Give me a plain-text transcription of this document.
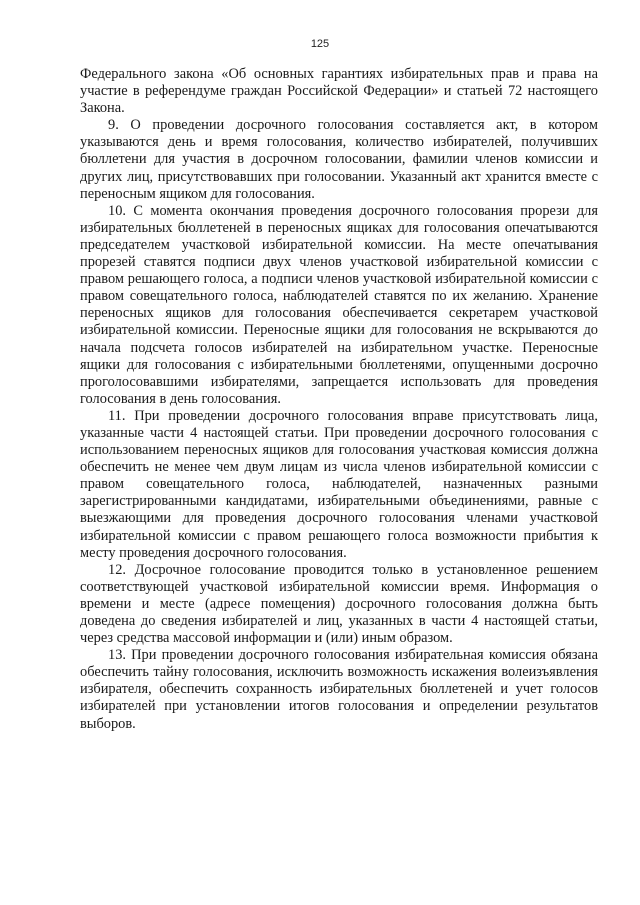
125

Федерального закона «Об основных гарантиях избирательных прав и права на участие в референдуме граждан Российской Федерации» и статьей 72 настоящего Закона.

9. О проведении досрочного голосования составляется акт, в котором указываются день и время голосования, количество избирателей, получивших бюллетени для участия в досрочном голосовании, фамилии членов комиссии и других лиц, присутствовавших при голосовании. Указанный акт хранится вместе с переносным ящиком для голосования.

10. С момента окончания проведения досрочного голосования прорези для избирательных бюллетеней в переносных ящиках для голосования опечатываются председателем участковой избирательной комиссии. На месте опечатывания прорезей ставятся подписи двух членов участковой избирательной комиссии с правом решающего голоса, а подписи членов участковой избирательной комиссии с правом совещательного голоса, наблюдателей ставятся по их желанию. Хранение переносных ящиков для голосования обеспечивается секретарем участковой избирательной комиссии. Переносные ящики для голосования не вскрываются до начала подсчета голосов избирателей на избирательном участке. Переносные ящики для голосования с избирательными бюллетенями, опущенными досрочно проголосовавшими избирателями, запрещается использовать для проведения голосования в день голосования.

11. При проведении досрочного голосования вправе присутствовать лица, указанные части 4 настоящей статьи. При проведении досрочного голосования с использованием переносных ящиков для голосования участковая комиссия должна обеспечить не менее чем двум лицам из числа членов избирательной комиссии с правом совещательного голоса, наблюдателей, назначенных разными зарегистрированными кандидатами, избирательными объединениями, равные с выезжающими для проведения досрочного голосования членами участковой избирательной комиссии с правом решающего голоса возможности прибытия к месту проведения досрочного голосования.

12. Досрочное голосование проводится только в установленное решением соответствующей участковой избирательной комиссии время. Информация о времени и месте (адресе помещения) досрочного голосования должна быть доведена до сведения избирателей и лиц, указанных в части 4 настоящей статьи, через средства массовой информации и (или) иным образом.

13. При проведении досрочного голосования избирательная комиссия обязана обеспечить тайну голосования, исключить возможность искажения волеизъявления избирателя, обеспечить сохранность избирательных бюллетеней и учет голосов избирателей при установлении итогов голосования и определении результатов выборов.
